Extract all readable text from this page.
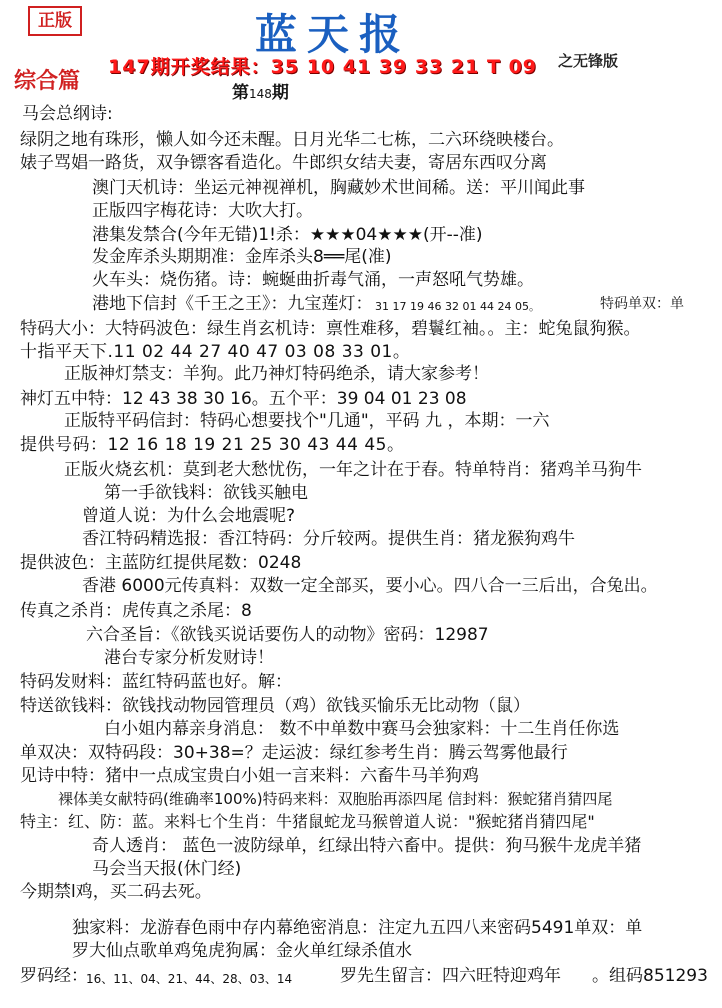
正版	蓝天报
147期开奖结果：35 10 41 39 33 21 T 09 之无锋版
综合篇	第148期
马会总纲诗:
绿阴之地有珠形，懒人如今还未醒。日月光华二七栋，二六环绕映楼台。
婊子骂娼一路货，双争镖客看造化。牛郎织女结夫妻，寄居东西叹分离
澳门天机诗：坐运元神视禅机，胸藏妙术世间稀。送：平川闻此事
正版四字梅花诗：大吹大打。
港集发禁合(今年无错)1!杀：★★★04★★★(开--准)
发金库杀头期期准：金库杀头8══尾(准)
火车头：烧伤猪。诗：蜿蜒曲折毒气涌，一声怒吼气势雄。
港地下信封《千王之王》：九宝莲灯： 31 17 19 46 32 01 44 24 05。	特码单双：单
特码大小：大特码波色：绿生肖玄机诗：禀性难移，碧鬟红袖。。主：蛇兔鼠狗猴。
十指平天下.11 02 44 27 40 47 03 08 33 01。
正版神灯禁支：羊狗。此乃神灯特码绝杀，请大家参考！
神灯五中特：12 43 38 30 16。五个平：39 04 01 23 08
正版特平码信封：特码心想要找个"几通"，平码 九 ，本期：一六
提供号码：12 16 18 19 21 25 30 43 44 45。
正版火烧玄机：莫到老大愁忧伤，一年之计在于春。特单特肖：猪鸡羊马狗牛
第一手欲钱料：欲钱买触电
曾道人说：为什么会地震呢?
香江特码精选报：香江特码：分斤较两。提供生肖：猪龙猴狗鸡牛
提供波色：主蓝防红提供尾数：0248
香港 6000元传真料：双数一定全部买，要小心。四八合一三后出，合兔出。
传真之杀肖：虎传真之杀尾：8
六合圣旨：《欲钱买说话要伤人的动物》密码：12987
港台专家分析发财诗！
特码发财料：蓝红特码蓝也好。解：
特送欲钱料：欲钱找动物园管理员（鸡）欲钱买愉乐无比动物（鼠）
白小姐内幕亲身消息： 数不中单数中赛马会独家料：十二生肖任你选
单双决：双特码段：30+38=？走运波：绿红参考生肖：腾云驾雾他最行
见诗中特：猪中一点成宝贵白小姐一言来料：六畜牛马羊狗鸡
裸体美女献特码(维确率100%)特码来料：双胞胎再添四尾 信封料：猴蛇猪肖猜四尾
特主：红、防：蓝。来料七个生肖：牛猪鼠蛇龙马猴曾道人说："猴蛇猪肖猜四尾"
奇人透肖： 蓝色一波防绿单，红绿出特六畜中。提供：狗马猴牛龙虎羊猪
马会当天报(休门经)
今期禁l鸡，买二码去死。
独家料：龙游春色雨中存内幕绝密消息：注定九五四八来密码5491单双：单
罗大仙点歌单鸡兔虎狗属：金火单红绿杀值水
罗码经：
16、11、04、21、44、28、03、14	罗先生留言：四六旺特迎鸡年 。组码851293
